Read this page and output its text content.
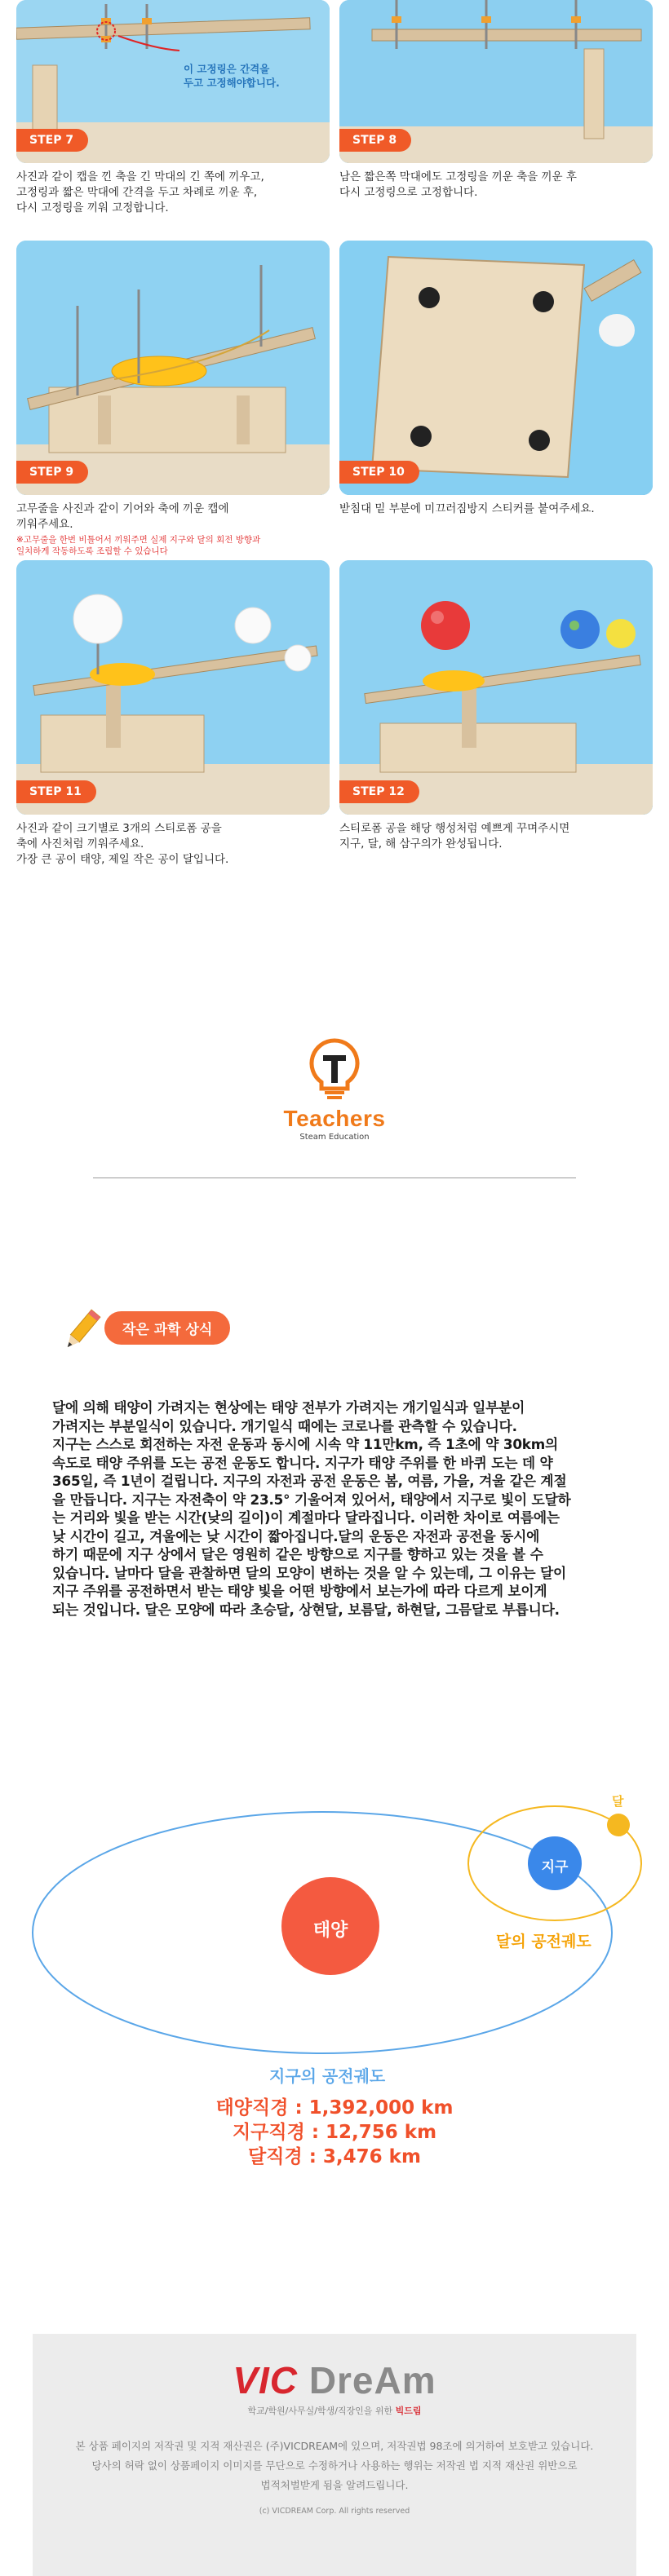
이 고정링은 간격을
두고 고정해야합니다.
STEP 7
사진과 같이 캡을 낀 축을 긴 막대의 긴 쪽에 끼우고,
고정링과 짧은 막대에 간격을 두고 차례로 끼운 후,
다시 고정링을 끼워 고정합니다.
STEP 8
남은 짧은쪽 막대에도 고정링을 끼운 축을 끼운 후
다시 고정링으로 고정합니다.
STEP 9
고무줄을 사진과 같이 기어와 축에 끼운 캡에
끼워주세요.
※고무줄을 한번 비틀어서 끼워주면 실제 지구와 달의 회전 방향과
일치하게 작동하도록 조립할 수 있습니다
STEP 10
받침대 밑 부분에 미끄러짐방지 스티커를 붙여주세요.
STEP 11
사진과 같이 크기별로 3개의 스티로폼 공을
축에 사진처럼 끼워주세요.
가장 큰 공이 태양, 제일 작은 공이 달입니다.
STEP 12
스티로폼 공을 해당 행성처럼 예쁘게 꾸며주시면
지구, 달, 해 삼구의가 완성됩니다.
Teachers
Steam Education
작은 과학 상식

달에 의해 태양이 가려지는 현상에는 태양 전부가 가려지는 개기일식과 일부분이
가려지는 부분일식이 있습니다. 개기일식 때에는 코로나를 관측할 수 있습니다.
지구는 스스로 회전하는 자전 운동과 동시에 시속 약 11만km, 즉 1초에 약 30km의
속도로 태양 주위를 도는 공전 운동도 합니다. 지구가 태양 주위를 한 바퀴 도는 데 약
365일, 즉 1년이 걸립니다. 지구의 자전과 공전 운동은 봄, 여름, 가을, 겨울 같은 계절
을 만듭니다. 지구는 자전축이 약 23.5° 기울어져 있어서, 태양에서 지구로 빛이 도달하
는 거리와 빛을 받는 시간(낮의 길이)이 계절마다 달라집니다. 이러한 차이로 여름에는
낮 시간이 길고, 겨울에는 낮 시간이 짧아집니다.달의 운동은 자전과 공전을 동시에
하기 때문에 지구 상에서 달은 영원히 같은 방향으로 지구를 향하고 있는 것을 볼 수
있습니다. 날마다 달을 관찰하면 달의 모양이 변하는 것을 알 수 있는데, 그 이유는 달이
지구 주위를 공전하면서 받는 태양 빛을 어떤 방향에서 보는가에 따라 다르게 보이게
되는 것입니다. 달은 모양에 따라 초승달, 상현달, 보름달, 하현달, 그믐달로 부릅니다.

태양
지구
달
달의 공전궤도
지구의 공전궤도
태양직경 : 1,392,000 km
지구직경 : 12,756 km
달직경 : 3,476 km
VIC DreAm
학교/학원/사무실/학생/직장인을 위한 빅드림
본 상품 페이지의 저작권 및 지적 재산권은 (주)VICDREAM에 있으며, 저작권법 98조에 의거하여 보호받고 있습니다.
당사의 허락 없이 상품페이지 이미지를 무단으로 수정하거나 사용하는 행위는 저작권 법 지적 재산권 위반으로
법적처벌받게 됨을 알려드립니다.
(c) VICDREAM Corp. All rights reserved
